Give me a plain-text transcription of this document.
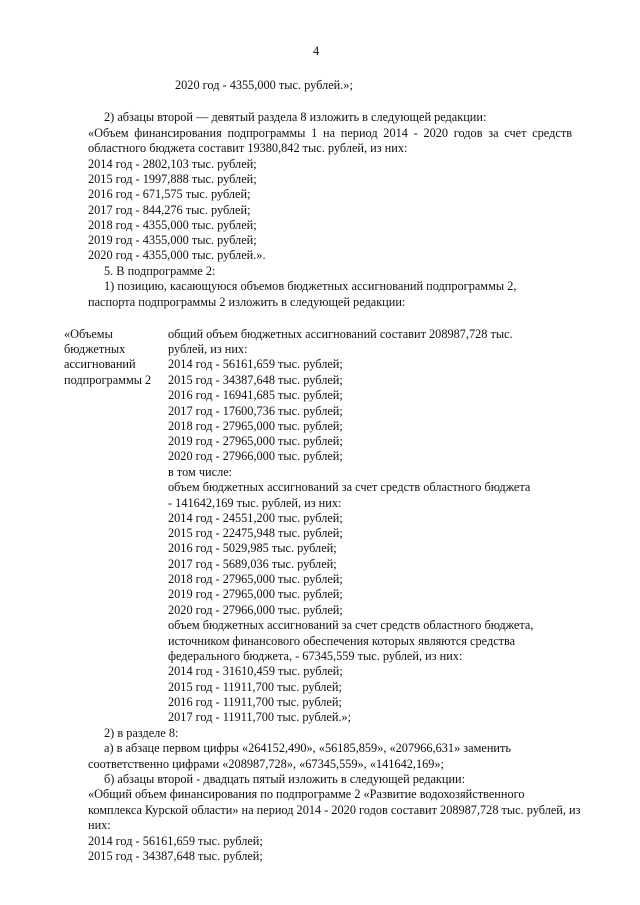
4
2020 год - 4355,000 тыс. рублей.»;
2) абзацы второй — девятый раздела 8 изложить в следующей редакции:
«Объем финансирования подпрограммы 1 на период 2014 - 2020 годов за счет средств
областного бюджета составит 19380,842 тыс. рублей, из них:
2014 год - 2802,103 тыс. рублей;
2015 год - 1997,888 тыс. рублей;
2016 год - 671,575 тыс. рублей;
2017 год - 844,276 тыс. рублей;
2018 год - 4355,000 тыс. рублей;
2019 год - 4355,000 тыс. рублей;
2020 год - 4355,000 тыс. рублей.».
5. В подпрограмме 2:
1) позицию, касающуюся объемов бюджетных ассигнований подпрограммы 2,
паспорта подпрограммы 2 изложить в следующей редакции:
«Объемы
бюджетных
ассигнований
подпрограммы 2
общий объем бюджетных ассигнований составит 208987,728 тыс.
рублей, из них:
2014 год - 56161,659 тыс. рублей;
2015 год - 34387,648 тыс. рублей;
2016 год - 16941,685 тыс. рублей;
2017 год - 17600,736 тыс. рублей;
2018 год - 27965,000 тыс. рублей;
2019 год - 27965,000 тыс. рублей;
2020 год - 27966,000 тыс. рублей;
в том числе:
объем бюджетных ассигнований за счет средств областного бюджета
- 141642,169 тыс. рублей, из них:
2014 год - 24551,200 тыс. рублей;
2015 год - 22475,948 тыс. рублей;
2016 год - 5029,985 тыс. рублей;
2017 год - 5689,036 тыс. рублей;
2018 год - 27965,000 тыс. рублей;
2019 год - 27965,000 тыс. рублей;
2020 год - 27966,000 тыс. рублей;
объем бюджетных ассигнований за счет средств областного бюджета,
источником финансового обеспечения которых являются средства
федерального бюджета, - 67345,559 тыс. рублей, из них:
2014 год - 31610,459 тыс. рублей;
2015 год - 11911,700 тыс. рублей;
2016 год - 11911,700 тыс. рублей;
2017 год - 11911,700 тыс. рублей.»;
2) в разделе 8:
а) в абзаце первом цифры «264152,490», «56185,859», «207966,631» заменить
соответственно цифрами «208987,728», «67345,559», «141642,169»;
б) абзацы второй - двадцать пятый изложить в следующей редакции:
«Общий объем финансирования по подпрограмме 2 «Развитие водохозяйственного
комплекса Курской области» на период 2014 - 2020 годов составит 208987,728 тыс. рублей, из
них:
2014 год - 56161,659 тыс. рублей;
2015 год - 34387,648 тыс. рублей;
